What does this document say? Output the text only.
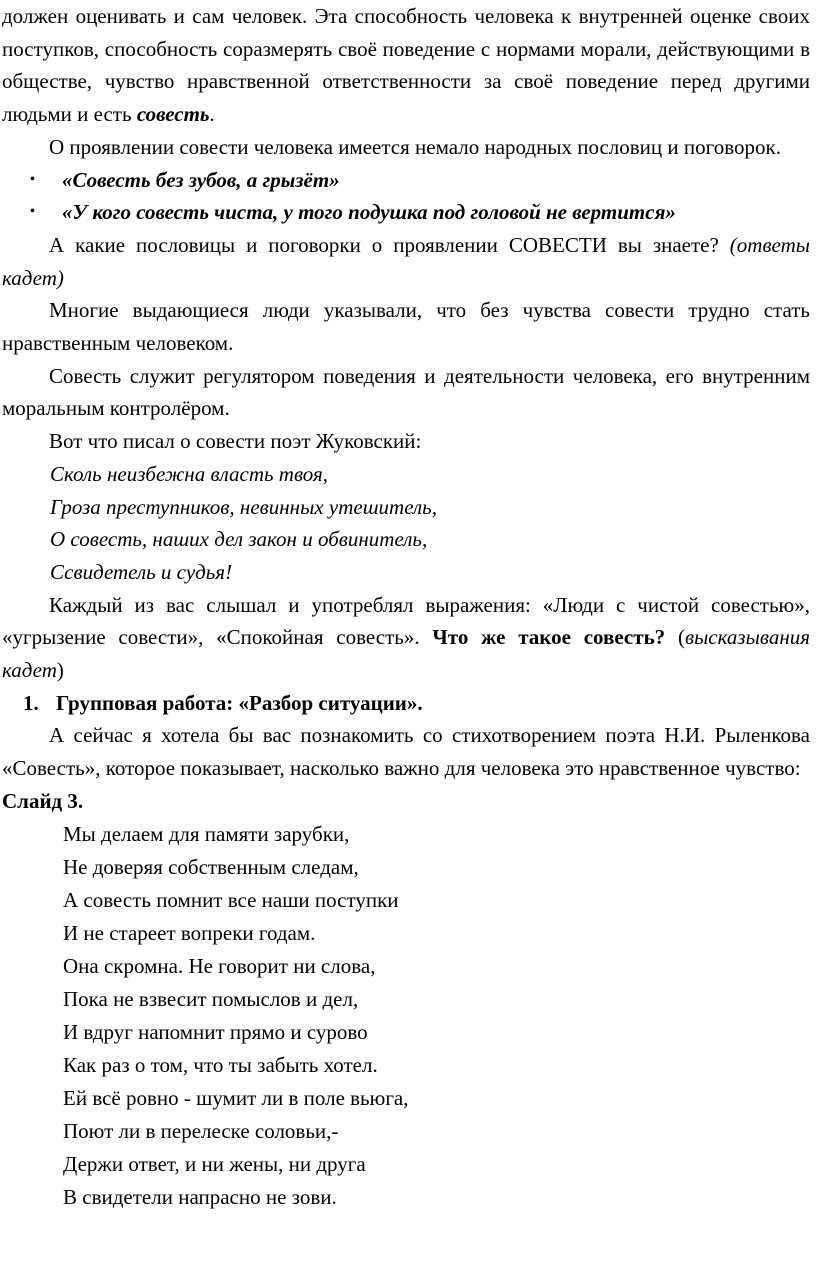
должен оценивать и сам человек. Эта способность человека к внутренней оценке своих поступков, способность соразмерять своё поведение с нормами морали, действующими в обществе, чувство нравственной ответственности за своё поведение перед другими людьми и есть совесть.

О проявлении совести человека имеется немало народных пословиц и поговорок.

• «Совесть без зубов, а грызёт»
• «У кого совесть чиста, у того подушка под головой не вертится»

А какие пословицы и поговорки о проявлении СОВЕСТИ вы знаете? (ответы кадет)

Многие выдающиеся люди указывали, что без чувства совести трудно стать нравственным человеком.

Совесть служит регулятором поведения и деятельности человека, его внутренним моральным контролёром.

Вот что писал о совести поэт Жуковский:

Сколь неизбежна власть твоя,
Гроза преступников, невинных утешитель,
О совесть, наших дел закон и обвинитель,
Ссвидетель и судья!

Каждый из вас слышал и употреблял выражения: «Люди с чистой совестью», «угрызение совести», «Спокойная совесть». Что же такое совесть? (высказывания кадет)

1. Групповая работа: «Разбор ситуации».

А сейчас я хотела бы вас познакомить со стихотворением поэта Н.И. Рыленкова «Совесть», которое показывает, насколько важно для человека это нравственное чувство:

Слайд 3.
Мы делаем для памяти зарубки,
Не доверяя собственным следам,
А совесть помнит все наши поступки
И не стареет вопреки годам.
Она скромна. Не говорит ни слова,
Пока не взвесит помыслов и дел,
И вдруг напомнит прямо и сурово
Как раз о том, что ты забыть хотел.
Ей всё ровно - шумит ли в поле вьюга,
Поют ли в перелеске соловьи,-
Держи ответ, и ни жены, ни друга
В свидетели напрасно не зови.
